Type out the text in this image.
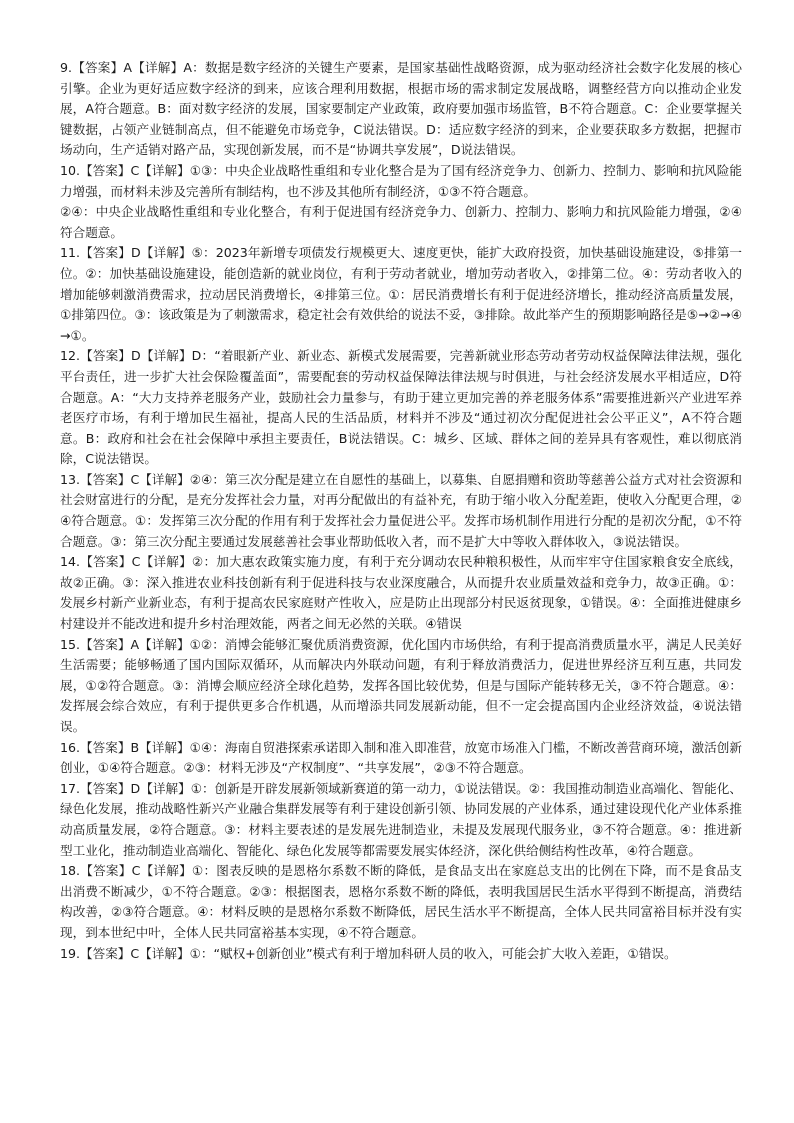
9.【答案】A【详解】A：数据是数字经济的关键生产要素，是国家基础性战略资源，成为驱动经济社会数字化发展的核心引擎。企业为更好适应数字经济的到来，应该合理利用数据，根据市场的需求制定发展战略，调整经营方向以推动企业发展，A符合题意。B：面对数字经济的发展，国家要制定产业政策，政府要加强市场监管，B不符合题意。C：企业要掌握关键数据，占领产业链制高点，但不能避免市场竞争，C说法错误。D：适应数字经济的到来，企业要获取多方数据，把握市场动向，生产适销对路产品，实现创新发展，而不是“协调共享发展”，D说法错误。

10.【答案】C【详解】①③：中央企业战略性重组和专业化整合是为了国有经济竞争力、创新力、控制力、影响和抗风险能力增强，而材料未涉及完善所有制结构，也不涉及其他所有制经济，①③不符合题意。

②④：中央企业战略性重组和专业化整合，有利于促进国有经济竞争力、创新力、控制力、影响力和抗风险能力增强，②④符合题意。

11.【答案】D【详解】⑤：2023年新增专项债发行规模更大、速度更快，能扩大政府投资，加快基础设施建设，⑤排第一位。②：加快基础设施建设，能创造新的就业岗位，有利于劳动者就业，增加劳动者收入，②排第二位。④：劳动者收入的增加能够刺激消费需求，拉动居民消费增长，④排第三位。①：居民消费增长有利于促进经济增长，推动经济高质量发展，①排第四位。③：该政策是为了刺激需求，稳定社会有效供给的说法不妥，③排除。故此举产生的预期影响路径是⑤→②→④→①。

12.【答案】D【详解】D：“着眼新产业、新业态、新模式发展需要，完善新就业形态劳动者劳动权益保障法律法规，强化平台责任，进一步扩大社会保险覆盖面”，需要配套的劳动权益保障法律法规与时俱进，与社会经济发展水平相适应，D符合题意。A：“大力支持养老服务产业，鼓励社会力量参与，有助于建立更加完善的养老服务体系”需要推进新兴产业进军养老医疗市场，有利于增加民生福祉，提高人民的生活品质，材料并不涉及“通过初次分配促进社会公平正义”，A不符合题意。B：政府和社会在社会保障中承担主要责任，B说法错误。C：城乡、区域、群体之间的差异具有客观性，难以彻底消除，C说法错误。

13.【答案】C【详解】②④：第三次分配是建立在自愿性的基础上，以募集、自愿捐赠和资助等慈善公益方式对社会资源和社会财富进行的分配，是充分发挥社会力量，对再分配做出的有益补充，有助于缩小收入分配差距，使收入分配更合理，②④符合题意。①：发挥第三次分配的作用有利于发挥社会力量促进公平。发挥市场机制作用进行分配的是初次分配，①不符合题意。③：第三次分配主要通过发展慈善社会事业帮助低收入者，而不是扩大中等收入群体收入，③说法错误。

14.【答案】C【详解】②：加大惠农政策实施力度，有利于充分调动农民种粮积极性，从而牢牢守住国家粮食安全底线，故②正确。③：深入推进农业科技创新有利于促进科技与农业深度融合，从而提升农业质量效益和竞争力，故③正确。①：发展乡村新产业新业态，有利于提高农民家庭财产性收入，应是防止出现部分村民返贫现象，①错误。④：全面推进健康乡村建设并不能改进和提升乡村治理效能，两者之间无必然的关联。④错误

15.【答案】A【详解】①②：消博会能够汇聚优质消费资源，优化国内市场供给，有利于提高消费质量水平，满足人民美好生活需要；能够畅通了国内国际双循环，从而解决内外联动问题，有利于释放消费活力，促进世界经济互利互惠，共同发展，①②符合题意。③：消博会顺应经济全球化趋势，发挥各国比较优势，但是与国际产能转移无关，③不符合题意。④：发挥展会综合效应，有利于提供更多合作机遇，从而增添共同发展新动能，但不一定会提高国内企业经济效益，④说法错误。

16.【答案】B【详解】①④：海南自贸港探索承诺即入制和准入即准营，放宽市场准入门槛，不断改善营商环境，激活创新创业，①④符合题意。②③：材料无涉及“产权制度”、“共享发展”，②③不符合题意。

17.【答案】D【详解】①：创新是开辟发展新领域新赛道的第一动力，①说法错误。②：我国推动制造业高端化、智能化、绿色化发展，推动战略性新兴产业融合集群发展等有利于建设创新引领、协同发展的产业体系，通过建设现代化产业体系推动高质量发展，②符合题意。③：材料主要表述的是发展先进制造业，未提及发展现代服务业，③不符合题意。④：推进新型工业化，推动制造业高端化、智能化、绿色化发展等都需要发展实体经济，深化供给侧结构性改革，④符合题意。

18.【答案】C【详解】①：图表反映的是恩格尔系数不断的降低，是食品支出在家庭总支出的比例在下降，而不是食品支出消费不断减少，①不符合题意。②③：根据图表，恩格尔系数不断的降低，表明我国居民生活水平得到不断提高，消费结构改善，②③符合题意。④：材料反映的是恩格尔系数不断降低，居民生活水平不断提高，全体人民共同富裕目标并没有实现，到本世纪中叶，全体人民共同富裕基本实现，④不符合题意。

19.【答案】C【详解】①：“赋权+创新创业”模式有利于增加科研人员的收入，可能会扩大收入差距，①错误。
